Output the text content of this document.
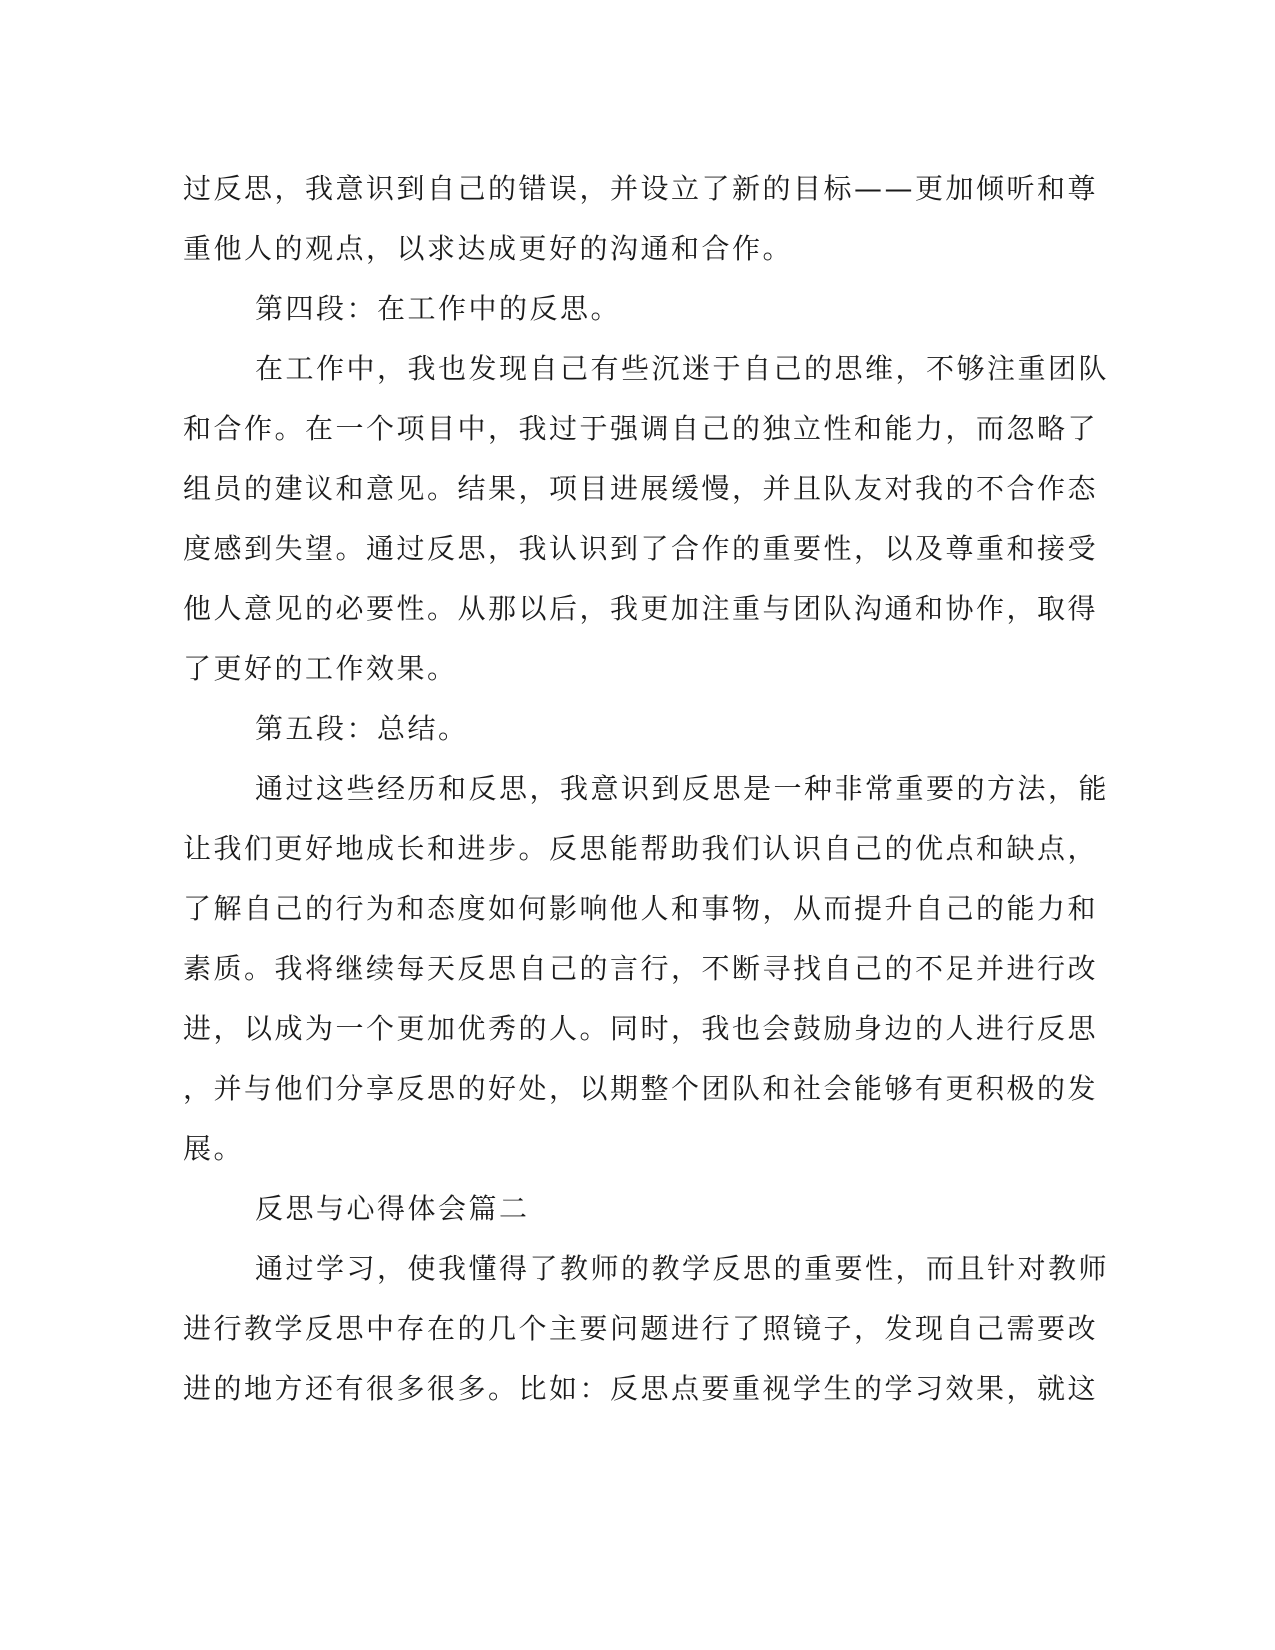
过反思，我意识到自己的错误，并设立了新的目标——更加倾听和尊
重他人的观点，以求达成更好的沟通和合作。
第四段：在工作中的反思。
在工作中，我也发现自己有些沉迷于自己的思维，不够注重团队
和合作。在一个项目中，我过于强调自己的独立性和能力，而忽略了
组员的建议和意见。结果，项目进展缓慢，并且队友对我的不合作态
度感到失望。通过反思，我认识到了合作的重要性，以及尊重和接受
他人意见的必要性。从那以后，我更加注重与团队沟通和协作，取得
了更好的工作效果。
第五段：总结。
通过这些经历和反思，我意识到反思是一种非常重要的方法，能
让我们更好地成长和进步。反思能帮助我们认识自己的优点和缺点，
了解自己的行为和态度如何影响他人和事物，从而提升自己的能力和
素质。我将继续每天反思自己的言行，不断寻找自己的不足并进行改
进，以成为一个更加优秀的人。同时，我也会鼓励身边的人进行反思
，并与他们分享反思的好处，以期整个团队和社会能够有更积极的发
展。
反思与心得体会篇二
通过学习，使我懂得了教师的教学反思的重要性，而且针对教师
进行教学反思中存在的几个主要问题进行了照镜子，发现自己需要改
进的地方还有很多很多。比如：反思点要重视学生的学习效果，就这
